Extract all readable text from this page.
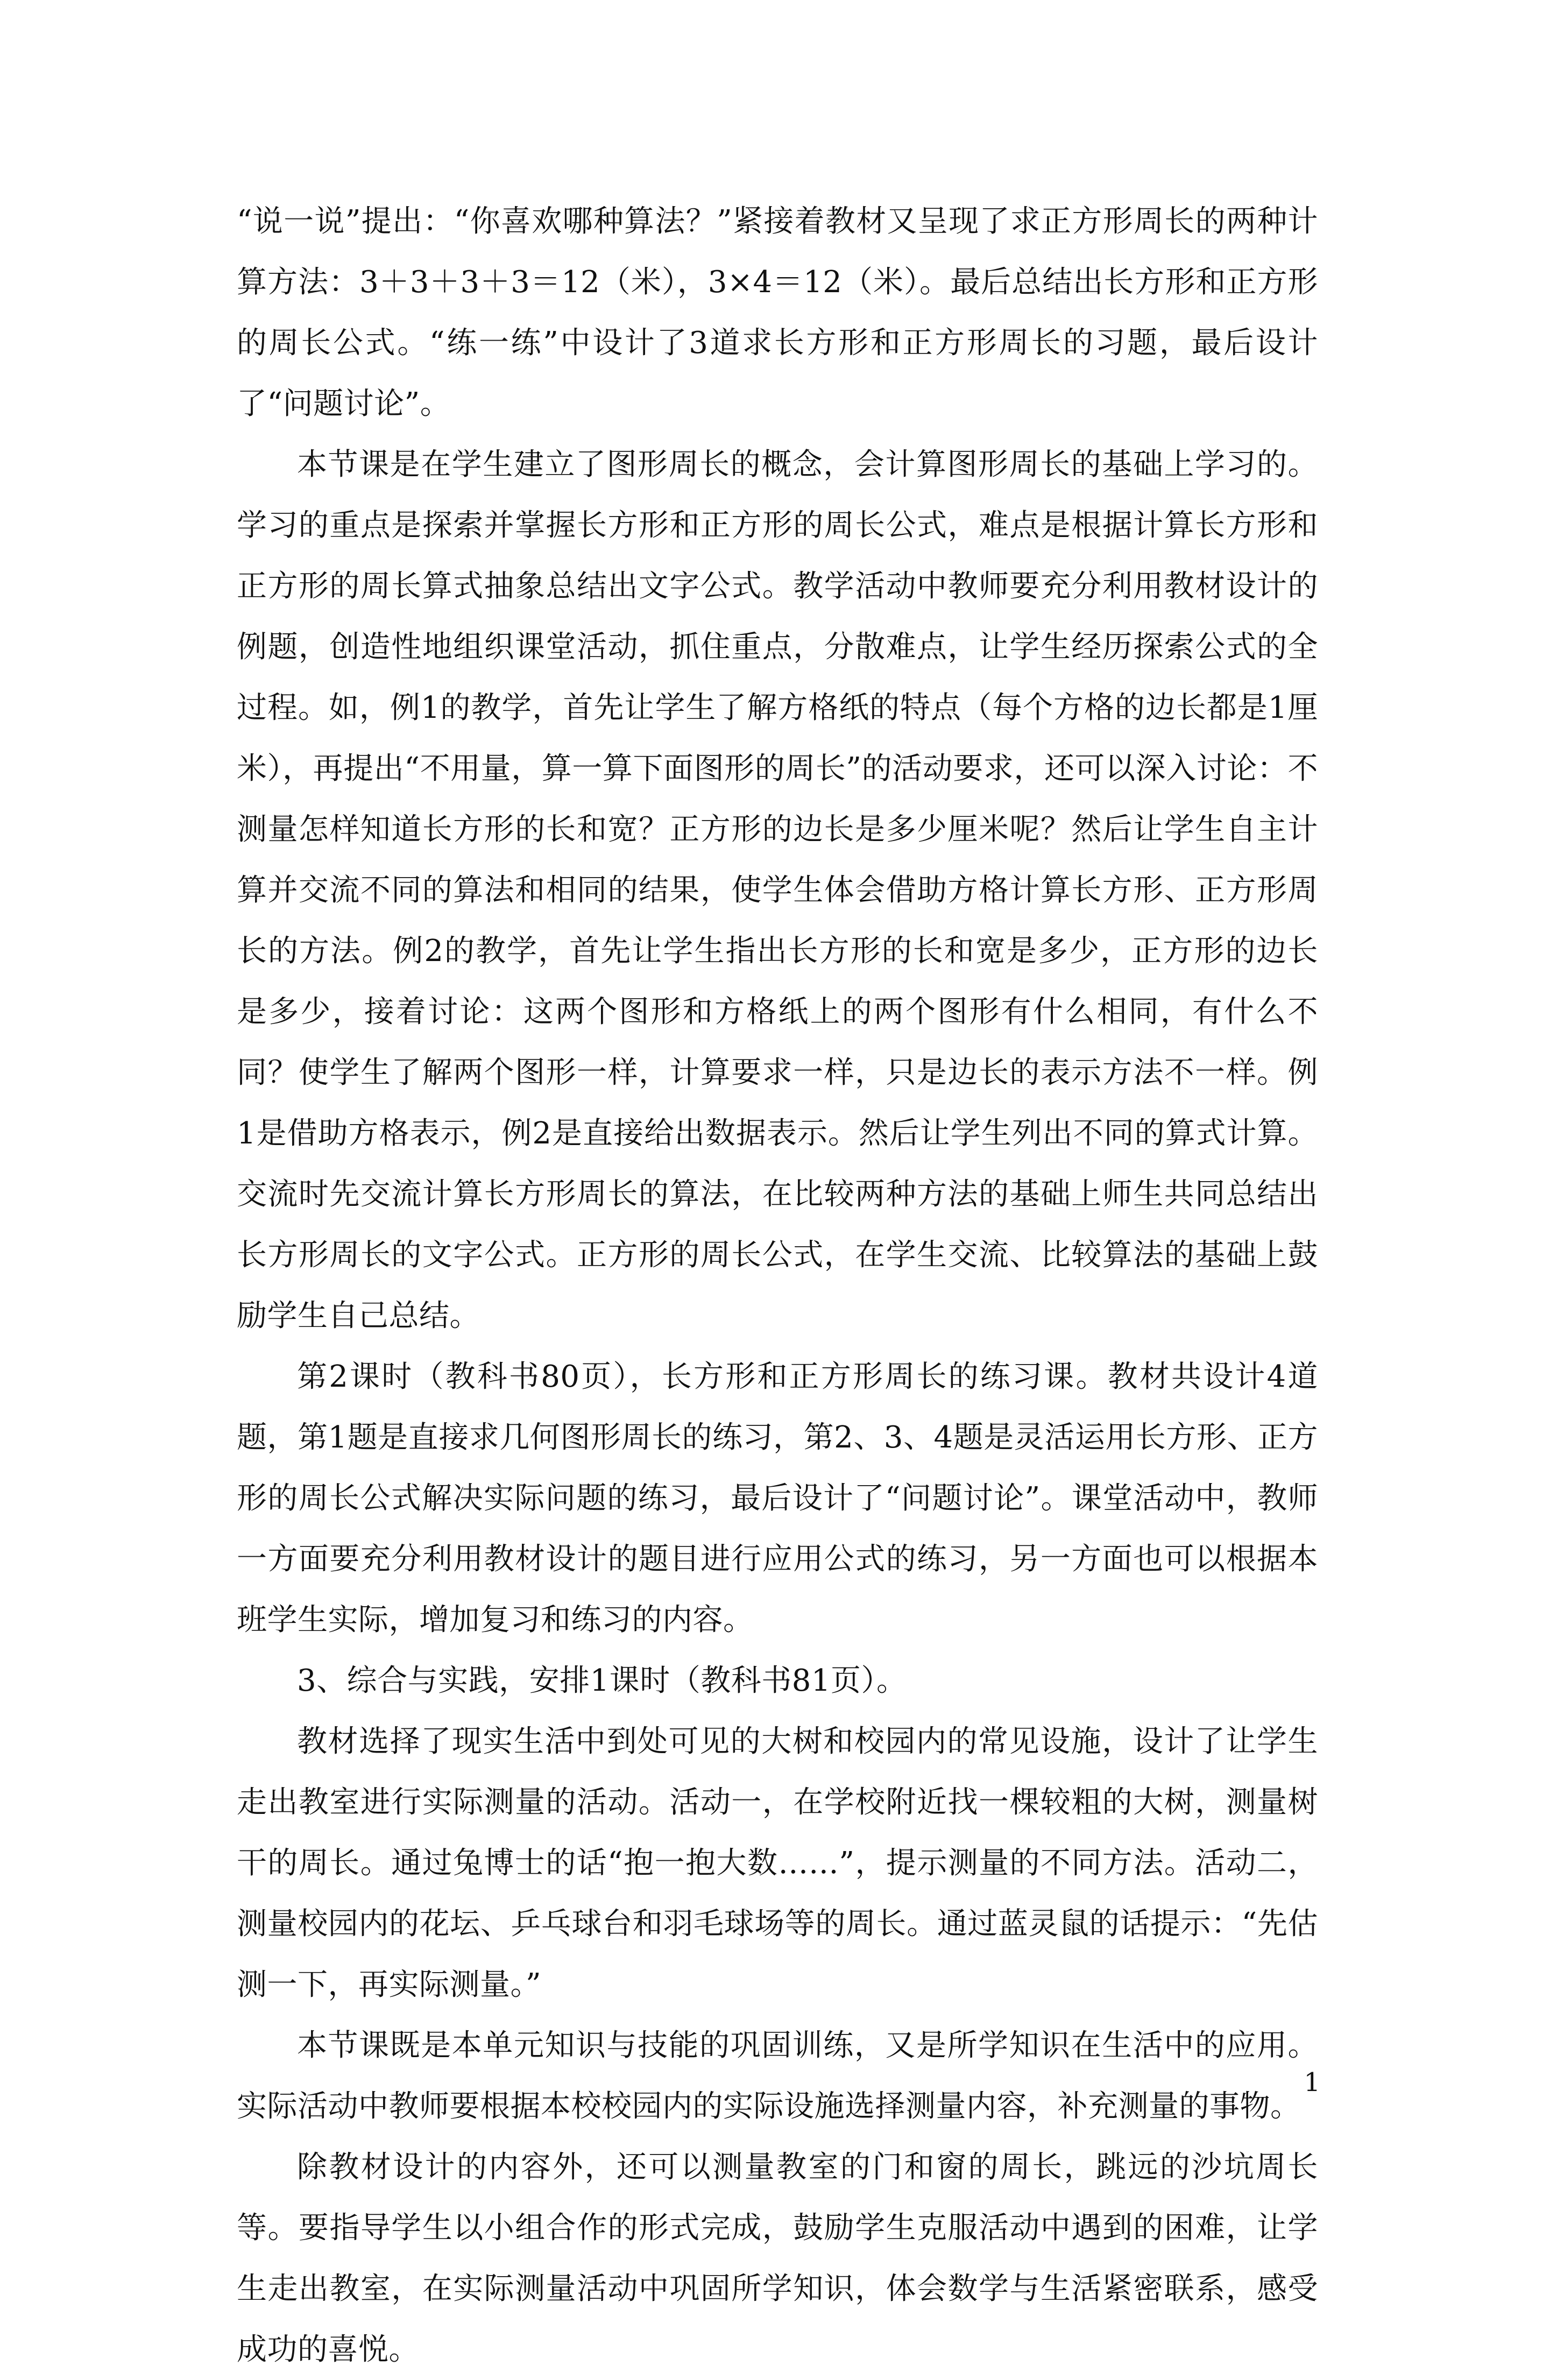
“说一说”提出：“你喜欢哪种算法？”紧接着教材又呈现了求正方形周长的两种计算方法：3＋3＋3＋3＝12（米），3×4＝12（米）。最后总结出长方形和正方形的周长公式。“练一练”中设计了3道求长方形和正方形周长的习题，最后设计了“问题讨论”。

本节课是在学生建立了图形周长的概念，会计算图形周长的基础上学习的。学习的重点是探索并掌握长方形和正方形的周长公式，难点是根据计算长方形和正方形的周长算式抽象总结出文字公式。教学活动中教师要充分利用教材设计的例题，创造性地组织课堂活动，抓住重点，分散难点，让学生经历探索公式的全过程。如，例1的教学，首先让学生了解方格纸的特点（每个方格的边长都是1厘米），再提出“不用量，算一算下面图形的周长”的活动要求，还可以深入讨论：不测量怎样知道长方形的长和宽？正方形的边长是多少厘米呢？然后让学生自主计算并交流不同的算法和相同的结果，使学生体会借助方格计算长方形、正方形周长的方法。例2的教学，首先让学生指出长方形的长和宽是多少，正方形的边长是多少，接着讨论：这两个图形和方格纸上的两个图形有什么相同，有什么不同？使学生了解两个图形一样，计算要求一样，只是边长的表示方法不一样。例1是借助方格表示，例2是直接给出数据表示。然后让学生列出不同的算式计算。交流时先交流计算长方形周长的算法，在比较两种方法的基础上师生共同总结出长方形周长的文字公式。正方形的周长公式，在学生交流、比较算法的基础上鼓励学生自己总结。

第2课时（教科书80页），长方形和正方形周长的练习课。教材共设计4道题，第1题是直接求几何图形周长的练习，第2、3、4题是灵活运用长方形、正方形的周长公式解决实际问题的练习，最后设计了“问题讨论”。课堂活动中，教师一方面要充分利用教材设计的题目进行应用公式的练习，另一方面也可以根据本班学生实际，增加复习和练习的内容。

3、综合与实践，安排1课时（教科书81页）。

教材选择了现实生活中到处可见的大树和校园内的常见设施，设计了让学生走出教室进行实际测量的活动。活动一，在学校附近找一棵较粗的大树，测量树干的周长。通过兔博士的话“抱一抱大数……”，提示测量的不同方法。活动二，测量校园内的花坛、乒乓球台和羽毛球场等的周长。通过蓝灵鼠的话提示：“先估测一下，再实际测量。”

本节课既是本单元知识与技能的巩固训练，又是所学知识在生活中的应用。实际活动中教师要根据本校校园内的实际设施选择测量内容，补充测量的事物。

除教材设计的内容外，还可以测量教室的门和窗的周长，跳远的沙坑周长等。要指导学生以小组合作的形式完成，鼓励学生克服活动中遇到的困难，让学生走出教室，在实际测量活动中巩固所学知识，体会数学与生活紧密联系，感受成功的喜悦。

1
